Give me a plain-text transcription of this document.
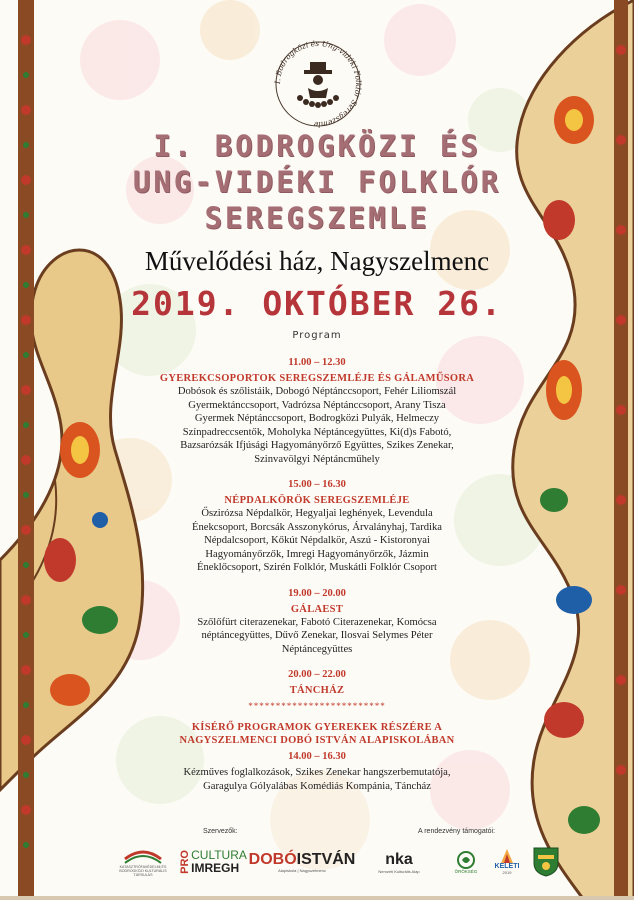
I. Bodrogközi és Ung-vidéki Folklór Seregszemle
I. BODROGKÖZI ÉS
UNG-VIDÉKI FOLKLÓR
SEREGSZEMLE
Művelődési ház, Nagyszelmenc
2019. OKTÓBER 26.
Program
11.00 – 12.30
GYEREKCSOPORTOK SEREGSZEMLÉJE ÉS GÁLAMŰSORA
Dobósok és szőlistáik, Dobogó Néptánccsoport, Fehér Liliomszál
Gyermektánccsoport, Vadrózsa Néptánccsoport, Arany Tisza
Gyermek Néptánccsoport, Bodrogközi Pulyák, Helmeczy
Színpadreccsentők, Moholyka Néptáncegyüttes, Ki(d)s Fabotó,
Bazsarózsák Ifjúsági Hagyományőrző Együttes, Szikes Zenekar,
Szinvavölgyi Néptáncműhely
15.00 – 16.30
NÉPDALKÖRÖK SEREGSZEMLÉJE
Őszirózsa Népdalkör, Hegyaljai leghények, Levendula
Énekcsoport, Borcsák Asszonykórus, Árvalányhaj, Tardika
Népdalcsoport, Kőkút Népdalkör, Aszú - Kistoronyai
Hagyományőrzők, Imregi Hagyományőrzők, Jázmin
Éneklőcsoport, Szirén Folklór, Muskátli Folklór Csoport
19.00 – 20.00
GÁLAEST
Szőlőfürt citerazenekar, Fabotó Citerazenekar, Komócsa
néptáncegyüttes, Dűvő Zenekar, Ilosvai Selymes Péter
Néptáncegyüttes
20.00 – 22.00
TÁNCHÁZ
*************************
KÍSÉRŐ PROGRAMOK GYEREKEK RÉSZÉRE A
NAGYSZELMENCI DOBÓ ISTVÁN ALAPISKOLÁBAN
14.00 – 16.30
Kézműves foglalkozások, Szikes Zenekar hangszerbemutatója,
Garagulya Gólyalábas Komédiás Kompánia, Táncház
Szervezők:	A rendezvény támogatói:
KATASZTRÓFAVÉDELMI ÉS BODROGKÖZI KULTURÁLIS TÁRSULÁS
PRO CULTURA
IMREGH DOBÓISTVÁN
Alapiskola | Nagyszelmenc
nka
Nemzeti Kulturális Alap	ÖRÖKSÉG
KELETI
2019
